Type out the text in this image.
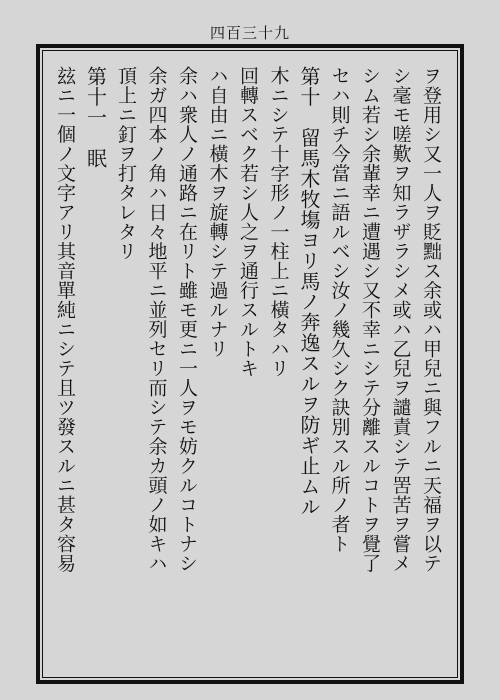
四百三十九

ヲ登用シ又一人ヲ貶黜ス余或ハ甲兒ニ與フルニ天福ヲ以テ

シ毫モ嗟歎ヲ知ラザラシメ或ハ乙兒ヲ譴責シテ罟苦ヲ嘗メ

シム若シ余輩幸ニ遭遇シ又不幸ニシテ分離スルコトヲ覺了

セハ則チ今當ニ語ルベシ汝ノ幾久シク訣別スル所ノ者ト

第十　留馬木牧塲ヨリ馬ノ奔逸スルヲ防ギ止ムル

木ニシテ十字形ノ一柱上ニ橫タハリ

回轉スベク若シ人之ヲ通行スルトキ

ハ自由ニ橫木ヲ旋轉シテ過ルナリ

余ハ衆人ノ通路ニ在リト雖モ更ニ一人ヲモ妨クルコトナシ

余ガ四本ノ角ハ日々地平ニ並列セリ而シテ余カ頭ノ如キハ

頂上ニ釘ヲ打タレタリ

第十一　眠

玆ニ一個ノ文字アリ其音單純ニシテ且ツ發スルニ甚タ容易
